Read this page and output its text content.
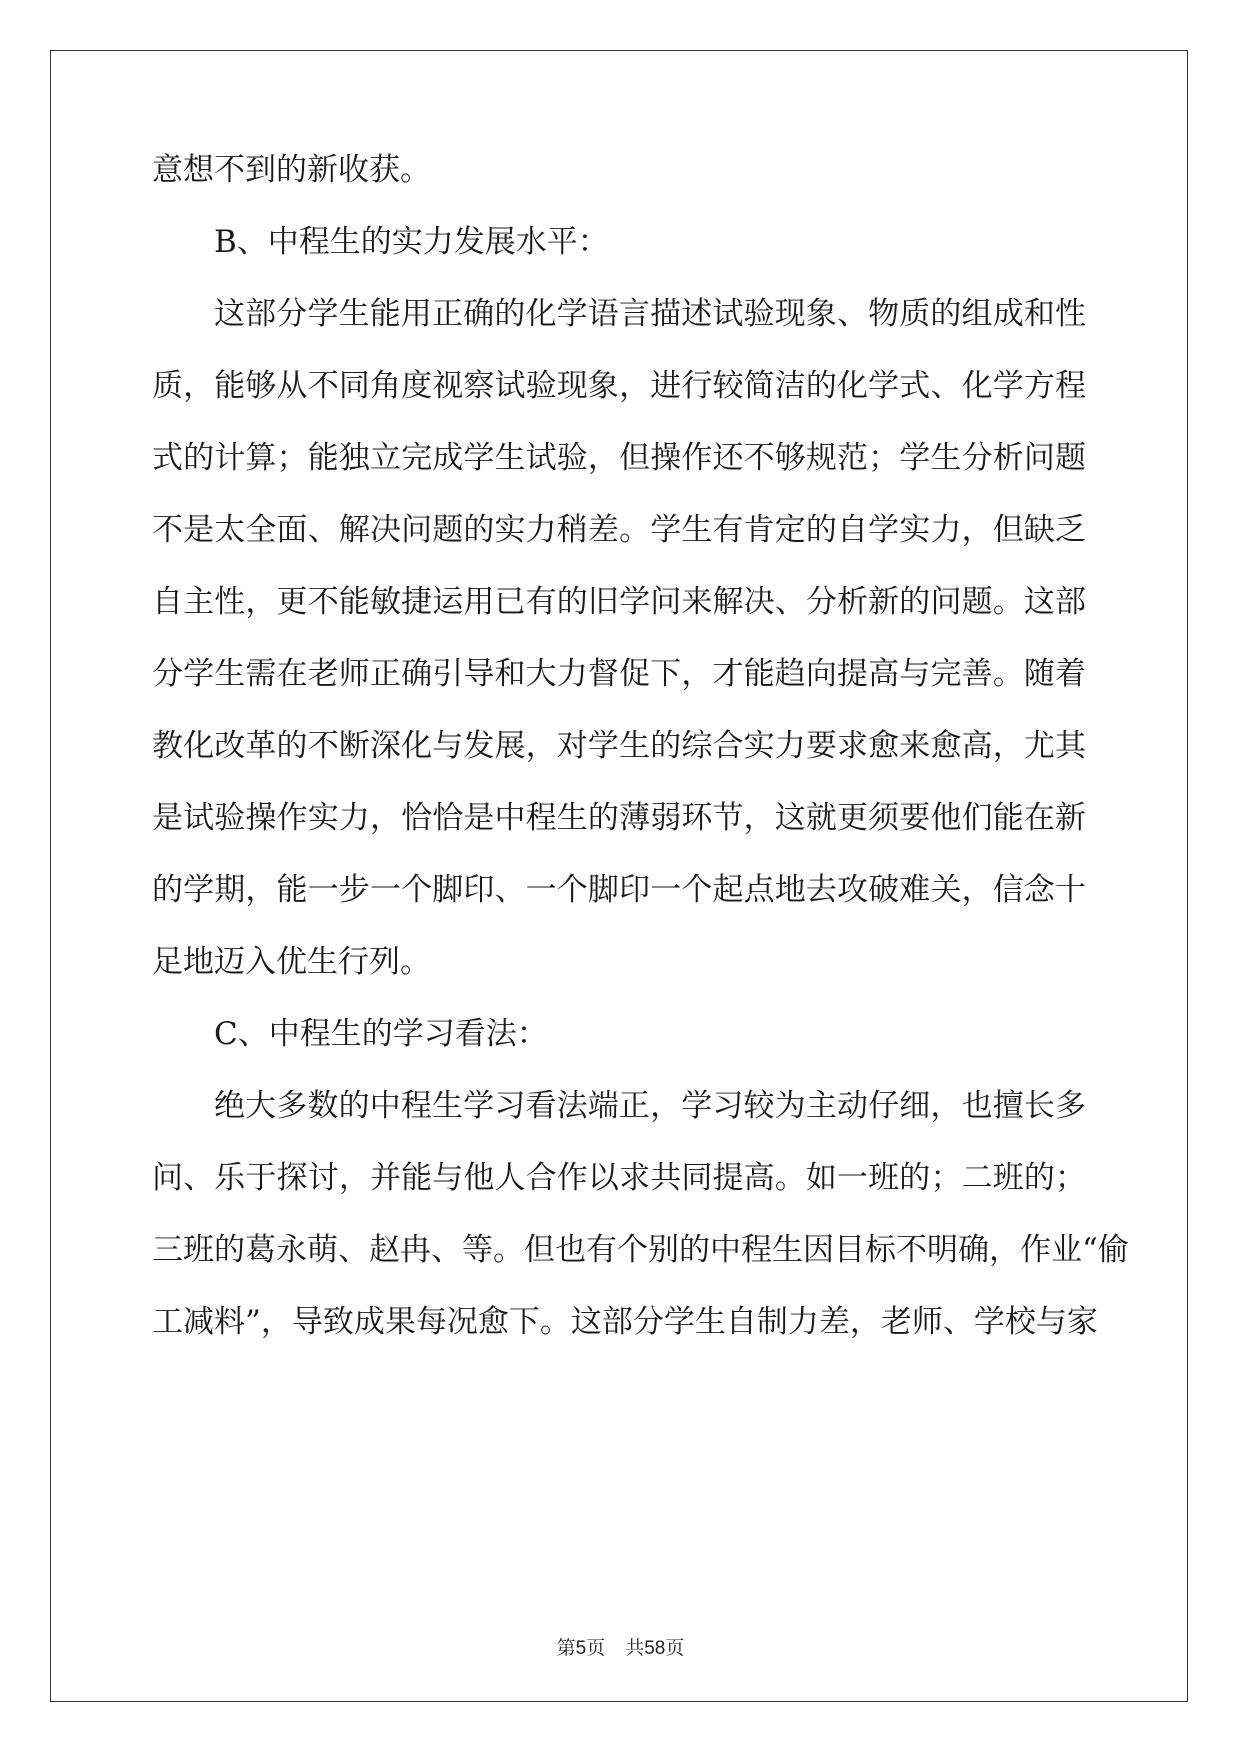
意想不到的新收获。
B、中程生的实力发展水平：
这部分学生能用正确的化学语言描述试验现象、物质的组成和性
质，能够从不同角度视察试验现象，进行较简洁的化学式、化学方程
式的计算；能独立完成学生试验，但操作还不够规范；学生分析问题
不是太全面、解决问题的实力稍差。学生有肯定的自学实力，但缺乏
自主性，更不能敏捷运用已有的旧学问来解决、分析新的问题。这部
分学生需在老师正确引导和大力督促下，才能趋向提高与完善。随着
教化改革的不断深化与发展，对学生的综合实力要求愈来愈高，尤其
是试验操作实力，恰恰是中程生的薄弱环节，这就更须要他们能在新
的学期，能一步一个脚印、一个脚印一个起点地去攻破难关，信念十
足地迈入优生行列。
C、中程生的学习看法：
绝大多数的中程生学习看法端正，学习较为主动仔细，也擅长多
问、乐于探讨，并能与他人合作以求共同提高。如一班的；二班的；
三班的葛永萌、赵冉、等。但也有个别的中程生因目标不明确，作业“偷
工减料”，导致成果每况愈下。这部分学生自制力差，老师、学校与家
第5页 共58页
